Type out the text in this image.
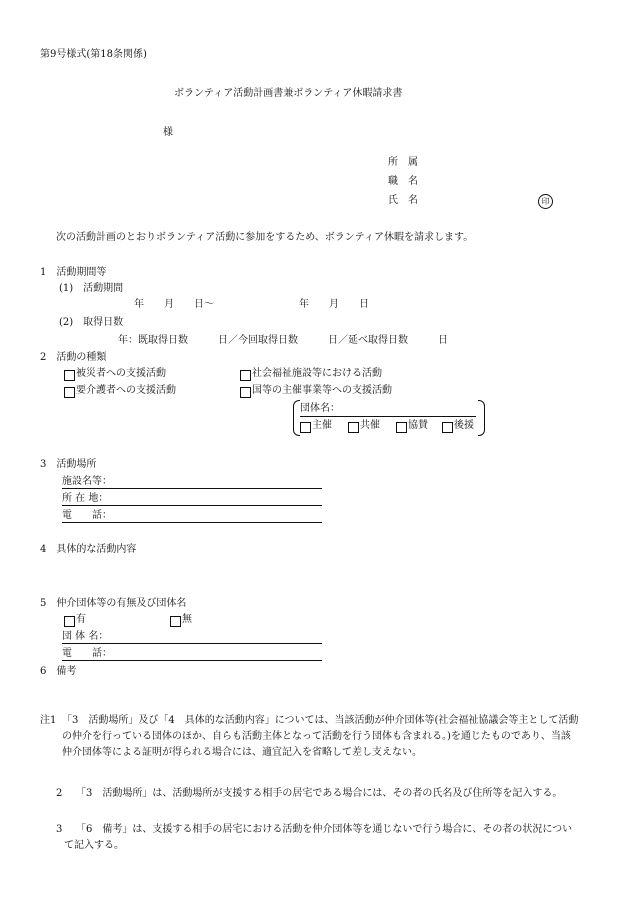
第9号様式(第18条関係)
ボランティア活動計画書兼ボランティア休暇請求書
様
所　属
職　名
氏　名	印
次の活動計画のとおりボランティア活動に参加をするため、ボランティア休暇を請求します。
1　活動期間等
(1)　活動期間
年　　月　　日～	年　　月　　日
(2)　取得日数
年：既取得日数　　　日／今回取得日数　　　日／延べ取得日数　　　日
2　活動の種類
被災者への支援活動	社会福祉施設等における活動
要介護者への支援活動	国等の主催事業等への支援活動
団体名：
主催	共催	協賛	後援
3　活動場所
施設名等：
所 在 地：
電　　話：
4　具体的な活動内容
5　仲介団体等の有無及び団体名
有	無
団 体 名：
電　　話：
6　備考
注1 「3　活動場所」及び「4　具体的な活動内容」については、当該活動が仲介団体等(社会福祉協議会等主として活動の仲介を行っている団体のほか、自らも活動主体となって活動を行う団体も含まれる。)を通じたものであり、当該仲介団体等による証明が得られる場合には、適宜記入を省略して差し支えない。
2	「3　活動場所」は、活動場所が支援する相手の居宅である場合には、その者の氏名及び住所等を記入する。
3	「6　備考」は、支援する相手の居宅における活動を仲介団体等を通じないで行う場合に、その者の状況について記入する。
